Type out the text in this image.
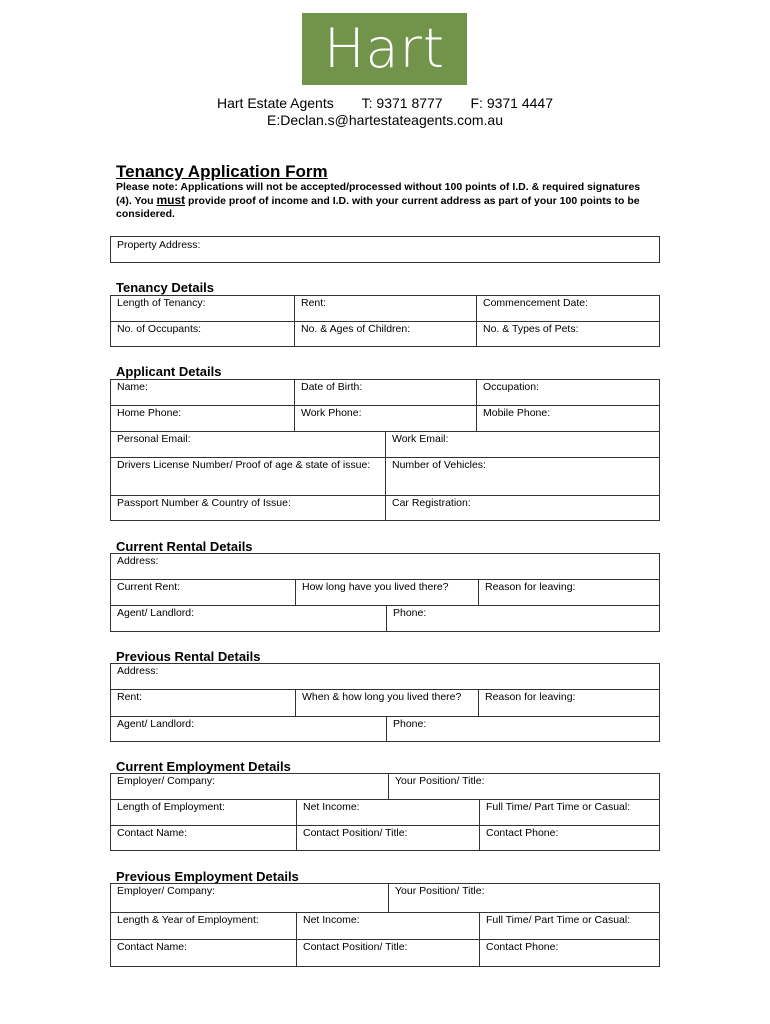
Hart
Hart Estate Agents T: 9371 8777 F: 9371 4447
E:Declan.s@hartestateagents.com.au
Tenancy Application Form
Please note: Applications will not be accepted/processed without 100 points of I.D. & required signatures (4). You must provide proof of income and I.D. with your current address as part of your 100 points to be considered.
Property Address:
Tenancy Details
Length of Tenancy:	Rent:	Commencement Date:
No. of Occupants:	No. & Ages of Children:	No. & Types of Pets:
Applicant Details
Name:	Date of Birth:	Occupation:
Home Phone:	Work Phone:	Mobile Phone:
Personal Email:	Work Email:
Drivers License Number/ Proof of age & state of issue:	Number of Vehicles:
Passport Number & Country of Issue:	Car Registration:
Current Rental Details
Address:
Current Rent:	How long have you lived there?	Reason for leaving:
Agent/ Landlord:	Phone:
Previous Rental Details
Address:
Rent:	When & how long you lived there?	Reason for leaving:
Agent/ Landlord:	Phone:
Current Employment Details
Employer/ Company:	Your Position/ Title:
Length of Employment:	Net Income:	Full Time/ Part Time or Casual:
Contact Name:	Contact Position/ Title:	Contact Phone:
Previous Employment Details
Employer/ Company:	Your Position/ Title:
Length & Year of Employment:	Net Income:	Full Time/ Part Time or Casual:
Contact Name:	Contact Position/ Title:	Contact Phone:
